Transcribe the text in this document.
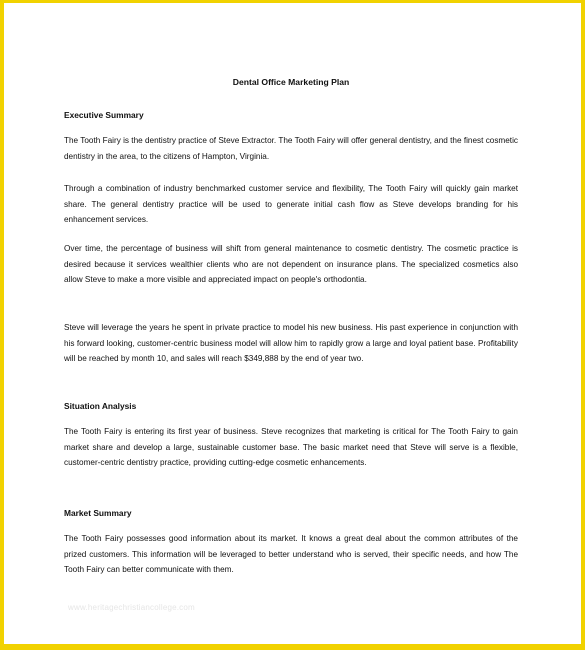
Dental Office Marketing Plan
Executive Summary

The Tooth Fairy is the dentistry practice of Steve Extractor. The Tooth Fairy will offer general dentistry, and the finest cosmetic dentistry in the area, to the citizens of Hampton, Virginia.

Through a combination of industry benchmarked customer service and flexibility, The Tooth Fairy will quickly gain market share. The general dentistry practice will be used to generate initial cash flow as Steve develops branding for his enhancement services.

Over time, the percentage of business will shift from general maintenance to cosmetic dentistry. The cosmetic practice is desired because it services wealthier clients who are not dependent on insurance plans. The specialized cosmetics also allow Steve to make a more visible and appreciated impact on people's orthodontia.

Steve will leverage the years he spent in private practice to model his new business. His past experience in conjunction with his forward looking, customer-centric business model will allow him to rapidly grow a large and loyal patient base. Profitability will be reached by month 10, and sales will reach $349,888 by the end of year two.

Situation Analysis

The Tooth Fairy is entering its first year of business. Steve recognizes that marketing is critical for The Tooth Fairy to gain market share and develop a large, sustainable customer base. The basic market need that Steve will serve is a flexible, customer-centric dentistry practice, providing cutting-edge cosmetic enhancements.

Market Summary

The Tooth Fairy possesses good information about its market. It knows a great deal about the common attributes of the prized customers. This information will be leveraged to better understand who is served, their specific needs, and how The Tooth Fairy can better communicate with them.

www.heritagechristiancollege.com
